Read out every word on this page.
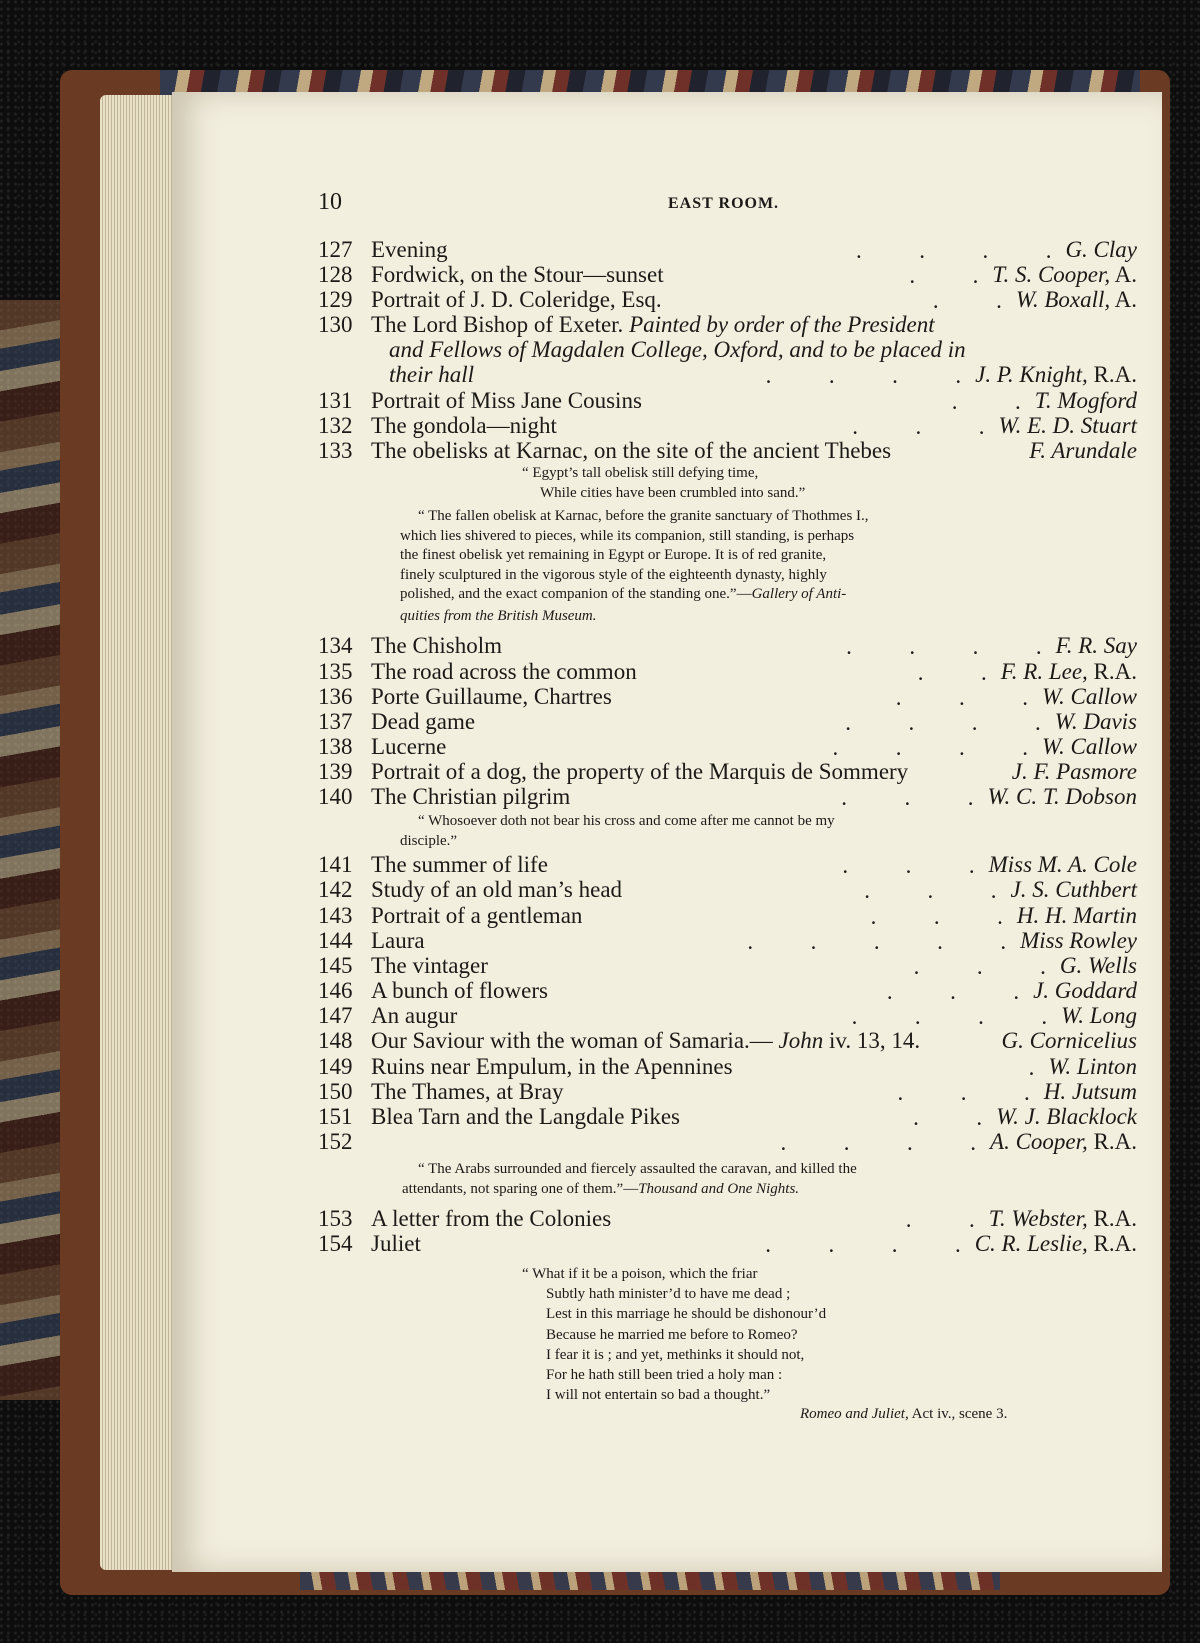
10	EAST ROOM.
127 Evening	G. Clay
.          .          .          .
128 Fordwick, on the Stour—sunset	T. S. Cooper, A.
.          .
129 Portrait of J. D. Coleridge, Esq.	W. Boxall, A.
.          .
130 The Lord Bishop of Exeter. Painted by order of the President
and Fellows of Magdalen College, Oxford, and to be placed in
their hall	J. P. Knight, R.A.
.          .          .          .
131 Portrait of Miss Jane Cousins	T. Mogford
.          .
132 The gondola—night	W. E. D. Stuart
.          .          .
133 The obelisks at Karnac, on the site of the ancient Thebes	F. Arundale
134 The Chisholm	F. R. Say
.          .          .          .
135 The road across the common	F. R. Lee, R.A.
.          .
136 Porte Guillaume, Chartres	W. Callow
.          .          .
137 Dead game	W. Davis
.          .          .          .
138 Lucerne	W. Callow
.          .          .          .
139 Portrait of a dog, the property of the Marquis de Sommery	J. F. Pasmore
140 The Christian pilgrim	W. C. T. Dobson
.          .          .
141 The summer of life	Miss M. A. Cole
.          .          .
142 Study of an old man’s head	J. S. Cuthbert
.          .          .
143 Portrait of a gentleman	H. H. Martin
.          .          .
144 Laura	Miss Rowley
.          .          .          .          .
145 The vintager	G. Wells
.          .          .
146 A bunch of flowers	J. Goddard
.          .          .
147 An augur	W. Long
.          .          .          .
148 Our Saviour with the woman of Samaria.— John iv. 13, 14.	G. Cornicelius
149 Ruins near Empulum, in the Apennines	W. Linton
.
150 The Thames, at Bray	H. Jutsum
.          .          .
151 Blea Tarn and the Langdale Pikes	W. J. Blacklock
.          .
152	A. Cooper, R.A.
.          .          .          .
153 A letter from the Colonies	T. Webster, R.A.
.          .
154 Juliet	C. R. Leslie, R.A.
.          .          .          .
“ Egypt’s tall obelisk still defying time,
While cities have been crumbled into sand.”
“ The fallen obelisk at Karnac, before the granite sanctuary of Thothmes I.,
which lies shivered to pieces, while its companion, still standing, is perhaps
the finest obelisk yet remaining in Egypt or Europe. It is of red granite,
finely sculptured in the vigorous style of the eighteenth dynasty, highly
polished, and the exact companion of the standing one.”—Gallery of Anti-
quities from the British Museum.
“ Whosoever doth not bear his cross and come after me cannot be my
disciple.”
“ The Arabs surrounded and fiercely assaulted the caravan, and killed the
attendants, not sparing one of them.”—Thousand and One Nights.
“ What if it be a poison, which the friar
Subtly hath minister’d to have me dead ;
Lest in this marriage he should be dishonour’d
Because he married me before to Romeo?
I fear it is ; and yet, methinks it should not,
For he hath still been tried a holy man :
I will not entertain so bad a thought.”
Romeo and Juliet, Act iv., scene 3.
